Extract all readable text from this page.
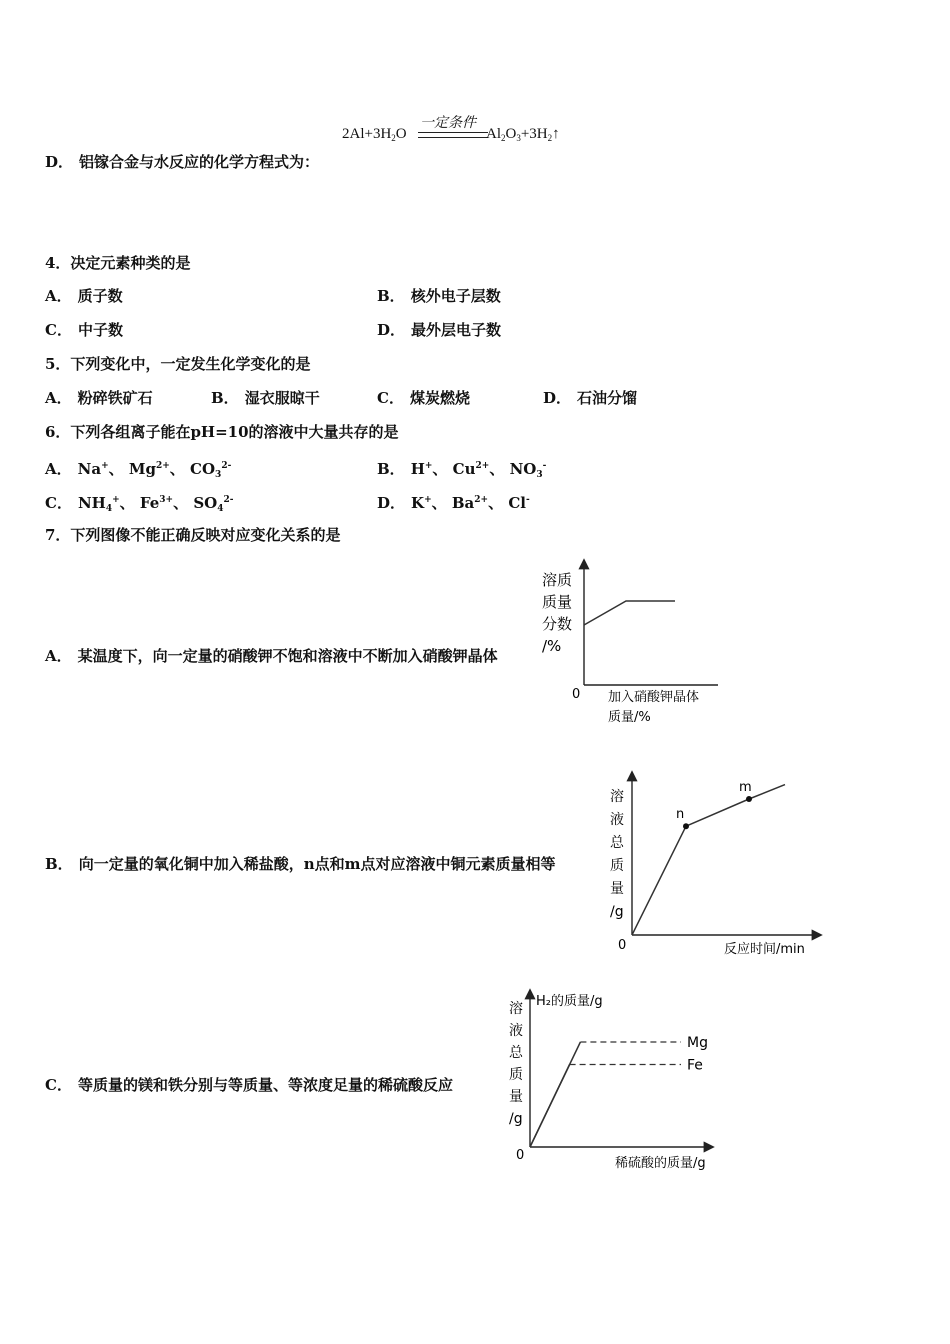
一定条件
$2Al+3H_2O$	$Al_2O_3+3H_2↑$
D． 铝镓合金与水反应的化学方程式为：
4．决定元素种类的是
A． 质子数	B． 核外电子层数
C． 中子数	D． 最外层电子数
5．下列变化中，一定发生化学变化的是
A． 粉碎铁矿石	B． 湿衣服晾干	C． 煤炭燃烧	D． 石油分馏
6．下列各组离子能在pH=10的溶液中大量共存的是
A． Na+、 $Mg^{2+}$、 $CO_3^{2-}$	B． H+、 $Cu^{2+}$、 $NO_3^-$
C． $NH_4^+$、 $Fe^{3+}$、 $SO_4^{2-}$	D． K+、 $Ba^{2+}$、 Cl-
7．下列图像不能正确反映对应变化关系的是
A． 某温度下，向一定量的硝酸钾不饱和溶液中不断加入硝酸钾晶体
B． 向一定量的氧化铜中加入稀盐酸，n点和m点对应溶液中铜元素质量相等
C． 等质量的镁和铁分别与等质量、等浓度足量的稀硫酸反应
溶质
质量
分数
/%
0 加入硝酸钾晶体
质量/%
溶
液
总
质
量
/g
0	反应时间/min
n
m
H₂的质量/g
溶
液
总
质
量
/g
0
稀硫酸的质量/g
Mg
Fe
